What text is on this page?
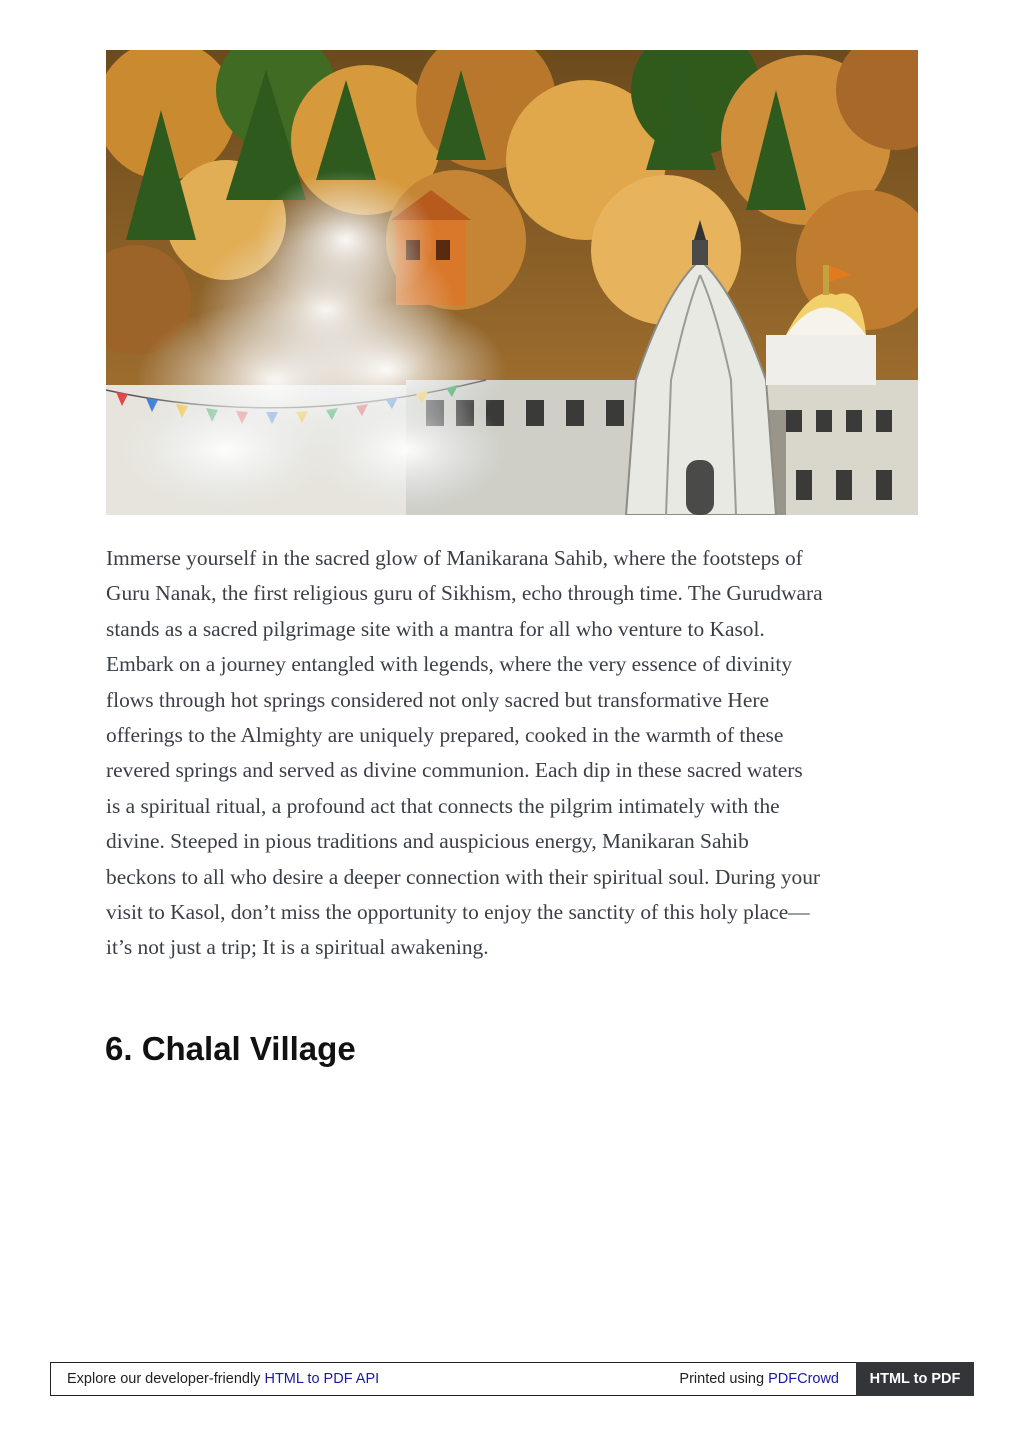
Immerse yourself in the sacred glow of Manikarana Sahib, where the footsteps of
Guru Nanak, the first religious guru of Sikhism, echo through time. The Gurudwara
stands as a sacred pilgrimage site with a mantra for all who venture to Kasol.
Embark on a journey entangled with legends, where the very essence of divinity
flows through hot springs considered not only sacred but transformative Here
offerings to the Almighty are uniquely prepared, cooked in the warmth of these
revered springs and served as divine communion. Each dip in these sacred waters
is a spiritual ritual, a profound act that connects the pilgrim intimately with the
divine. Steeped in pious traditions and auspicious energy, Manikaran Sahib
beckons to all who desire a deeper connection with their spiritual soul. During your
visit to Kasol, don’t miss the opportunity to enjoy the sanctity of this holy place—
it’s not just a trip; It is a spiritual awakening.

6. Chalal Village
Explore our developer-friendly HTML to PDF API	Printed using PDFCrowd	HTML to PDF
